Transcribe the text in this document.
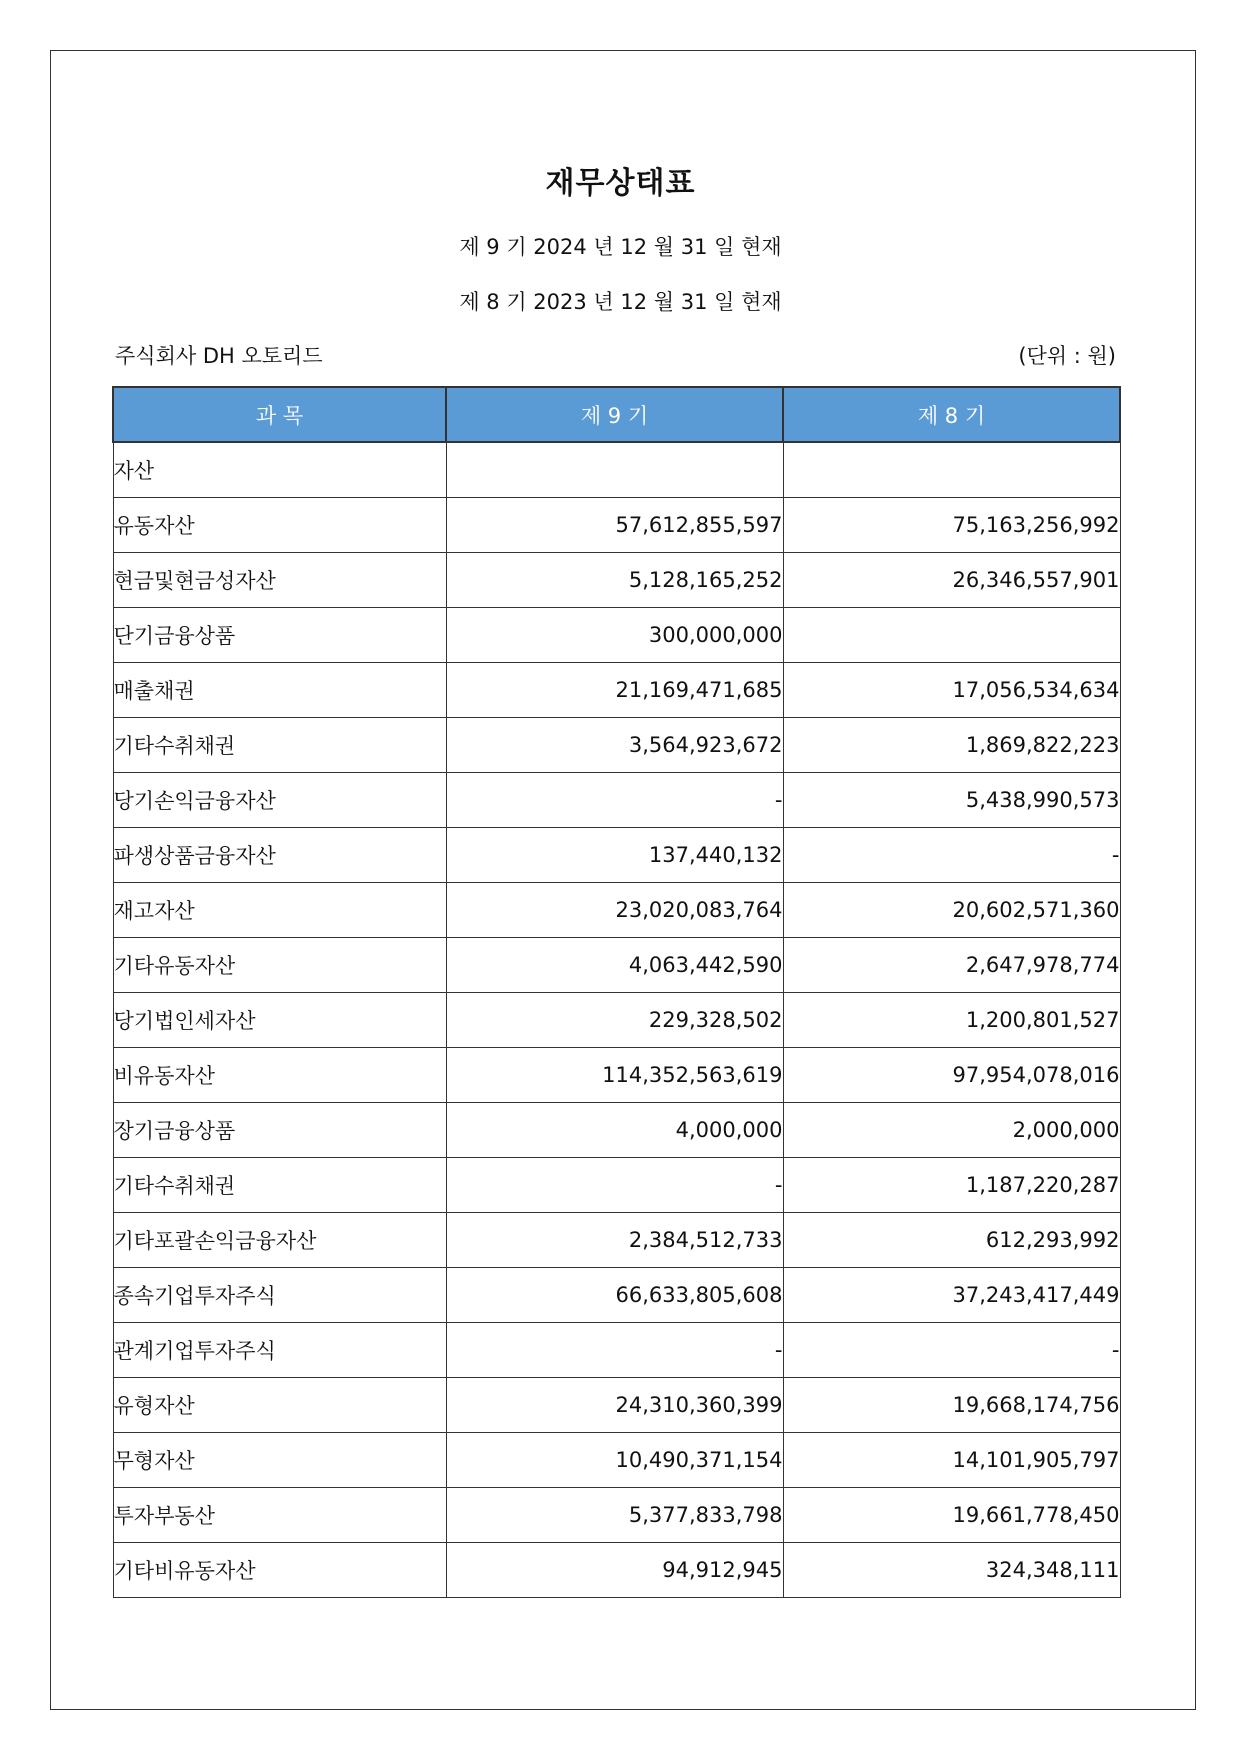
재무상태표
제 9 기 2024 년 12 월 31 일 현재
제 8 기 2023 년 12 월 31 일 현재
주식회사 DH 오토리드	(단위 : 원)
과 목	제 9 기	제 8 기
자산		
유동자산	57,612,855,597	75,163,256,992
현금및현금성자산	5,128,165,252	26,346,557,901
단기금융상품	300,000,000	
매출채권	21,169,471,685	17,056,534,634
기타수취채권	3,564,923,672	1,869,822,223
당기손익금융자산	-	5,438,990,573
파생상품금융자산	137,440,132	-
재고자산	23,020,083,764	20,602,571,360
기타유동자산	4,063,442,590	2,647,978,774
당기법인세자산	229,328,502	1,200,801,527
비유동자산	114,352,563,619	97,954,078,016
장기금융상품	4,000,000	2,000,000
기타수취채권	-	1,187,220,287
기타포괄손익금융자산	2,384,512,733	612,293,992
종속기업투자주식	66,633,805,608	37,243,417,449
관계기업투자주식	-	-
유형자산	24,310,360,399	19,668,174,756
무형자산	10,490,371,154	14,101,905,797
투자부동산	5,377,833,798	19,661,778,450
기타비유동자산	94,912,945	324,348,111
